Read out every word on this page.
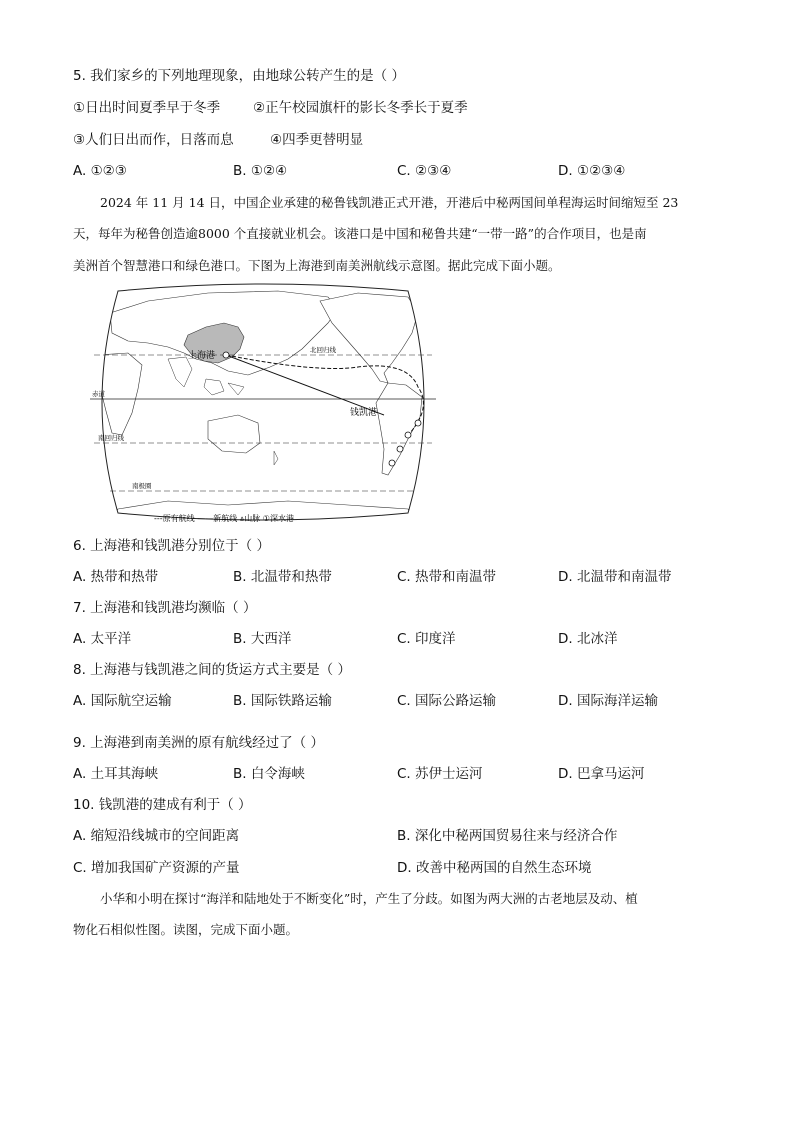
5. 我们家乡的下列地理现象，由地球公转产生的是（ ）
①日出时间夏季早于冬季 ②正午校园旗杆的影长冬季长于夏季
③人们日出而作，日落而息	④四季更替明显
A. ①②③	B. ①②④	C. ②③④	D. ①②③④
2024 年 11 月 14 日，中国企业承建的秘鲁钱凯港正式开港，开港后中秘两国间单程海运时间缩短至 23
天，每年为秘鲁创造逾8000 个直接就业机会。该港口是中国和秘鲁共建“一带一路”的合作项目，也是南
美洲首个智慧港口和绿色港口。下图为上海港到南美洲航线示意图。据此完成下面小题。
上海港
钱凯港
赤道
北回归线
南回归线
南极圈
---原有航线 ——新航线 ⩓山脉 ①深水港
6. 上海港和钱凯港分别位于（ ）
A. 热带和热带	B. 北温带和热带	C. 热带和南温带	D. 北温带和南温带
7. 上海港和钱凯港均濒临（ ）
A. 太平洋	B. 大西洋	C. 印度洋	D. 北冰洋
8. 上海港与钱凯港之间的货运方式主要是（ ）
A. 国际航空运输	B. 国际铁路运输	C. 国际公路运输	D. 国际海洋运输
9. 上海港到南美洲的原有航线经过了（ ）
A. 土耳其海峡	B. 白令海峡	C. 苏伊士运河	D. 巴拿马运河
10. 钱凯港的建成有利于（ ）
A. 缩短沿线城市的空间距离	B. 深化中秘两国贸易往来与经济合作
C. 增加我国矿产资源的产量	D. 改善中秘两国的自然生态环境
小华和小明在探讨“海洋和陆地处于不断变化”时，产生了分歧。如图为两大洲的古老地层及动、植
物化石相似性图。读图，完成下面小题。
